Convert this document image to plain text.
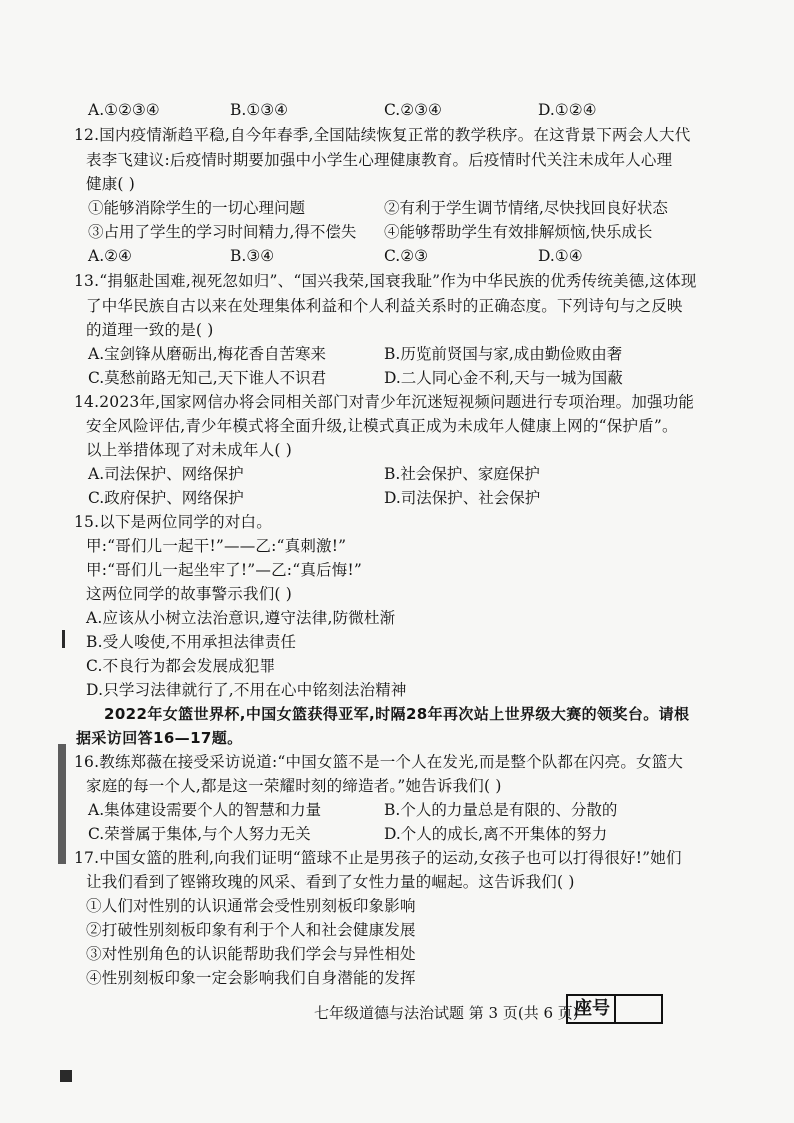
A.①②③④	B.①③④	C.②③④	D.①②④
12.国内疫情渐趋平稳,自今年春季,全国陆续恢复正常的教学秩序。在这背景下两会人大代
表李飞建议:后疫情时期要加强中小学生心理健康教育。后疫情时代关注未成年人心理
健康( )
①能够消除学生的一切心理问题	②有利于学生调节情绪,尽快找回良好状态
③占用了学生的学习时间精力,得不偿失 ④能够帮助学生有效排解烦恼,快乐成长
A.②④	B.③④	C.②③	D.①④
13.“捐躯赴国难,视死忽如归”、“国兴我荣,国衰我耻”作为中华民族的优秀传统美德,这体现
了中华民族自古以来在处理集体利益和个人利益关系时的正确态度。下列诗句与之反映
的道理一致的是( )
A.宝剑锋从磨砺出,梅花香自苦寒来	B.历览前贤国与家,成由勤俭败由奢
C.莫愁前路无知己,天下谁人不识君	D.二人同心金不利,天与一城为国蔽
14.2023年,国家网信办将会同相关部门对青少年沉迷短视频问题进行专项治理。加强功能
安全风险评估,青少年模式将全面升级,让模式真正成为未成年人健康上网的“保护盾”。
以上举措体现了对未成年人( )
A.司法保护、网络保护	B.社会保护、家庭保护
C.政府保护、网络保护	D.司法保护、社会保护
15.以下是两位同学的对白。
甲:“哥们儿一起干!”——乙:“真刺激!”
甲:“哥们儿一起坐牢了!”—乙:“真后悔!”
这两位同学的故事警示我们( )
A.应该从小树立法治意识,遵守法律,防微杜渐
B.受人唆使,不用承担法律责任
C.不良行为都会发展成犯罪
D.只学习法律就行了,不用在心中铭刻法治精神
2022年女篮世界杯,中国女篮获得亚军,时隔28年再次站上世界级大赛的领奖台。请根
据采访回答16—17题。
16.教练郑薇在接受采访说道:“中国女篮不是一个人在发光,而是整个队都在闪亮。女篮大
家庭的每一个人,都是这一荣耀时刻的缔造者。”她告诉我们( )
A.集体建设需要个人的智慧和力量	B.个人的力量总是有限的、分散的
C.荣誉属于集体,与个人努力无关	D.个人的成长,离不开集体的努力
17.中国女篮的胜利,向我们证明“篮球不止是男孩子的运动,女孩子也可以打得很好!”她们
让我们看到了铿锵玫瑰的风采、看到了女性力量的崛起。这告诉我们( )
①人们对性别的认识通常会受性别刻板印象影响
②打破性别刻板印象有利于个人和社会健康发展
③对性别角色的认识能帮助我们学会与异性相处
④性别刻板印象一定会影响我们自身潜能的发挥
七年级道德与法治试题 第 3 页(共 6 页)
座号
